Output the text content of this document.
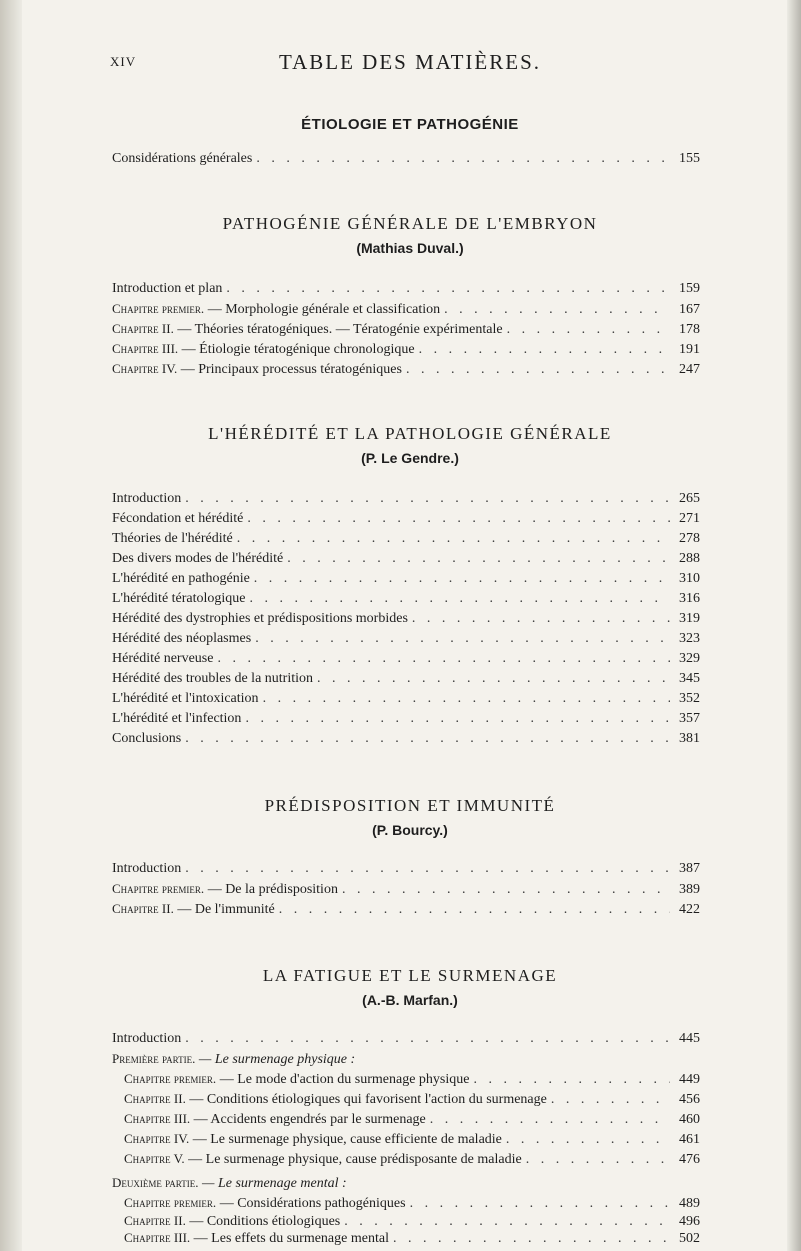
XIV	TABLE DES MATIÈRES.
ÉTIOLOGIE ET PATHOGÉNIE
Considérations générales . . .	155
PATHOGÉNIE GÉNÉRALE DE L'EMBRYON
(Mathias Duval.)
Introduction et plan . . .	159
Chapitre premier. — Morphologie générale et classification . . .	167
Chapitre II. — Théories tératogéniques. — Tératogénie expérimentale . . .	178
Chapitre III. — Étiologie tératogénique chronologique . . .	191
Chapitre IV. — Principaux processus tératogéniques . . .	247
L'HÉRÉDITÉ ET LA PATHOLOGIE GÉNÉRALE
(P. Le Gendre.)
Introduction . . .	265
Fécondation et hérédité . . .	271
Théories de l'hérédité . . .	278
Des divers modes de l'hérédité . . .	288
L'hérédité en pathogénie . . .	310
L'hérédité tératologique . . .	316
Hérédité des dystrophies et prédispositions morbides . . .	319
Hérédité des néoplasmes . . .	323
Hérédité nerveuse . . .	329
Hérédité des troubles de la nutrition . . .	345
L'hérédité et l'intoxication . . .	352
L'hérédité et l'infection . . .	357
Conclusions . . .	381
PRÉDISPOSITION ET IMMUNITÉ
(P. Bourcy.)
Introduction . . .	387
Chapitre premier. — De la prédisposition . . .	389
Chapitre II. — De l'immunité . . .	422
LA FATIGUE ET LE SURMENAGE
(A.-B. Marfan.)
Introduction . . .	445
Première partie. — Le surmenage physique :
Chapitre premier. — Le mode d'action du surmenage physique . . .	449
Chapitre II. — Conditions étiologiques qui favorisent l'action du surmenage . . .	456
Chapitre III. — Accidents engendrés par le surmenage . . .	460
Chapitre IV. — Le surmenage physique, cause efficiente de maladie . . .	461
Chapitre V. — Le surmenage physique, cause prédisposante de maladie . . .	476
Deuxième partie. — Le surmenage mental :
Chapitre premier. — Considérations pathogéniques . . .	489
Chapitre II. — Conditions étiologiques . . .	496
Chapitre III. — Les effets du surmenage mental . . .	502
